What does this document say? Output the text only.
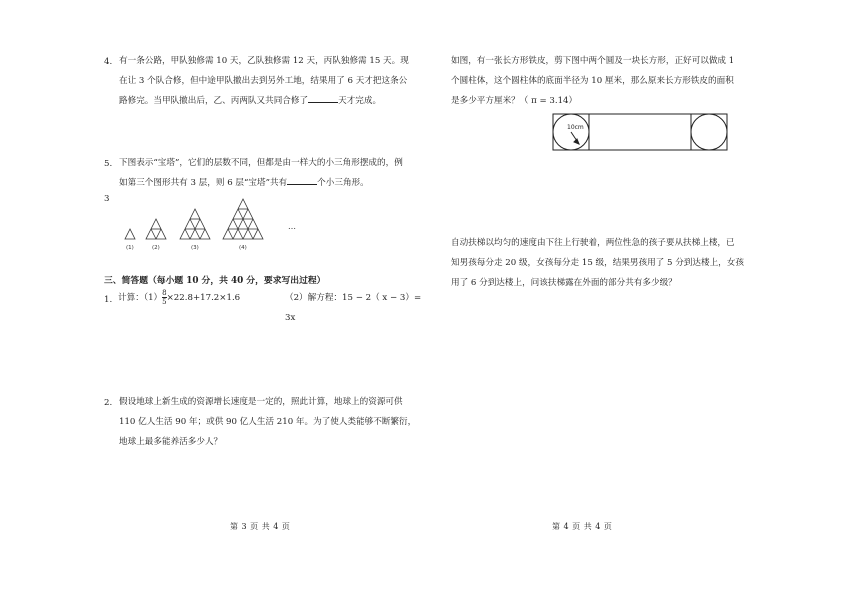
4. 有一条公路，甲队独修需 10 天，乙队独修需 12 天，丙队独修需 15 天。现

在让 3 个队合修，但中途甲队撤出去到另外工地，结果用了 6 天才把这条公

路修完。当甲队撤出后，乙、丙两队又共同合修了	天才完成。

5. 下图表示“宝塔”，它们的层数不同，但都是由一样大的小三角形摆成的，例

如第三个图形共有 3 层，则 6 层“宝塔”共有	个小三角形。

3
(1)	(2)	(3)	(4)
…
三、简答题（每小题 10 分，共 40 分，要求写出过程）
1. 计算：$(1) \frac{8}{5} \times 22.8+17.2\times 1.6$	（2）解方程：15 − 2（ x − 3）= 3x
2. 假设地球上新生成的资源增长速度是一定的，照此计算，地球上的资源可供

110 亿人生活 90 年；或供 90 亿人生活 210 年。为了使人类能够不断繁衍，

地球上最多能养活多少人？

第 3 页 共 4 页

如图，有一张长方形铁皮，剪下图中两个圆及一块长方形，正好可以做成 1

个圆柱体，这个圆柱体的底面半径为 10 厘米，那么原来长方形铁皮的面积

是多少平方厘米？（ π = 3.14）

10cm

自动扶梯以均匀的速度由下往上行驶着，两位性急的孩子要从扶梯上楼，已

知男孩每分走 20 级，女孩每分走 15 级，结果男孩用了 5 分到达楼上，女孩

用了 6 分到达楼上，问该扶梯露在外面的部分共有多少级？

第 4 页 共 4 页
